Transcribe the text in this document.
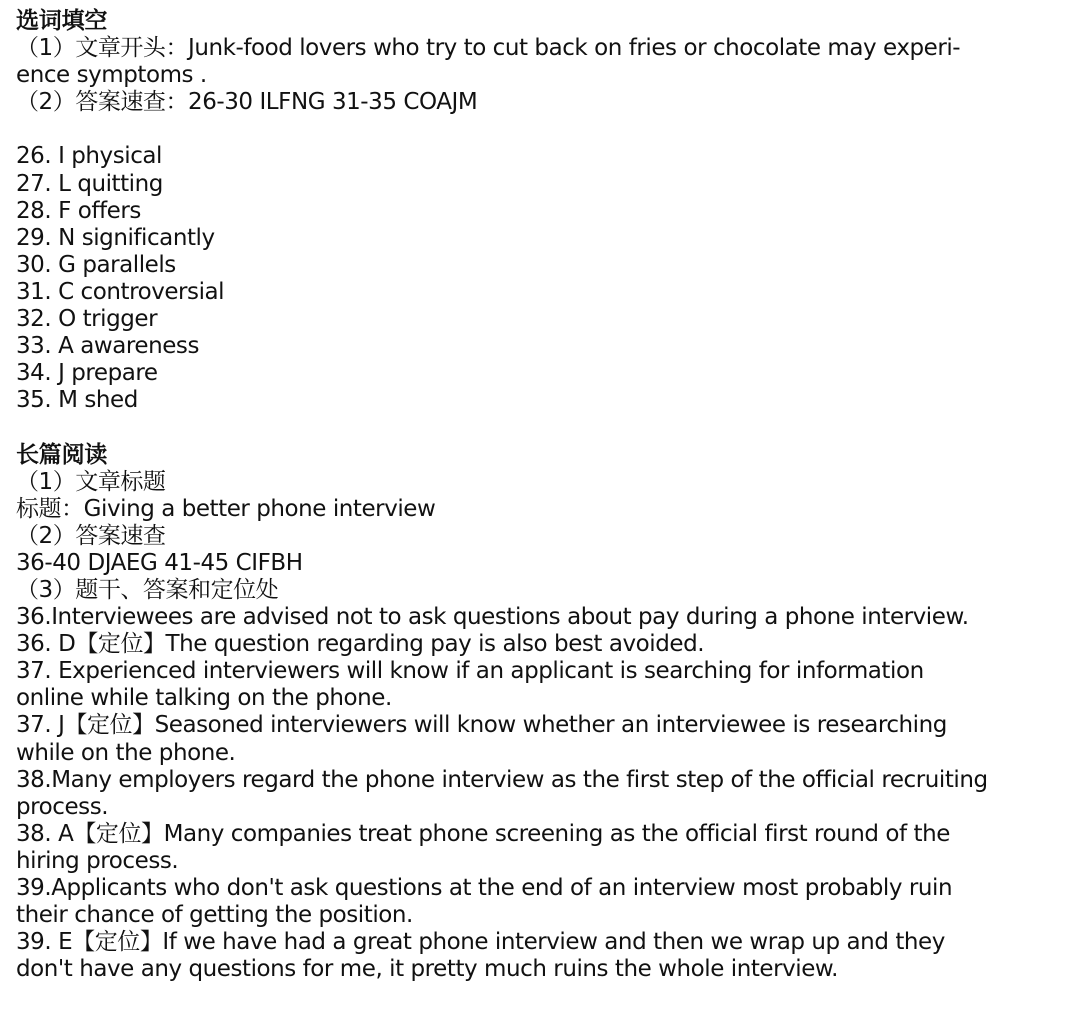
选词填空
（1）文章开头：Junk-food lovers who try to cut back on fries or chocolate may experi-
ence symptoms .
（2）答案速查：26-30 ILFNG 31-35 COAJM
26. I physical
27. L quitting
28. F offers
29. N significantly
30. G parallels
31. C controversial
32. O trigger
33. A awareness
34. J prepare
35. M shed
长篇阅读
（1）文章标题
标题：Giving a better phone interview
（2）答案速查
36-40 DJAEG 41-45 CIFBH
（3）题干、答案和定位处
36.Interviewees are advised not to ask questions about pay during a phone interview.
36. D【定位】The question regarding pay is also best avoided.
37. Experienced interviewers will know if an applicant is searching for information
online while talking on the phone.
37. J【定位】Seasoned interviewers will know whether an interviewee is researching
while on the phone.
38.Many employers regard the phone interview as the first step of the official recruiting
process.
38. A【定位】Many companies treat phone screening as the official first round of the
hiring process.
39.Applicants who don't ask questions at the end of an interview most probably ruin
their chance of getting the position.
39. E【定位】If we have had a great phone interview and then we wrap up and they
don't have any questions for me, it pretty much ruins the whole interview.
